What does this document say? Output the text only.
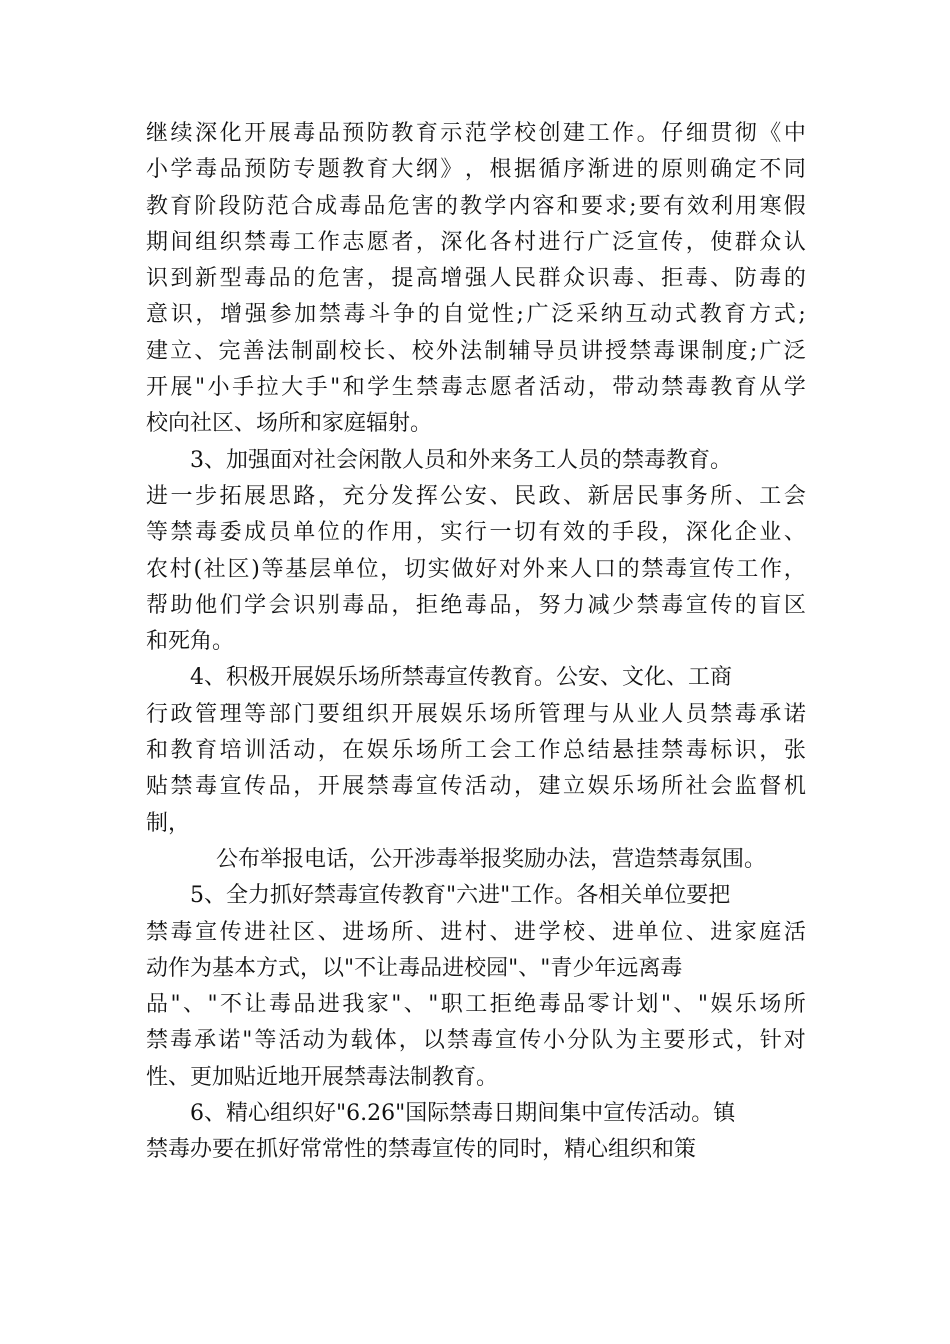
继 续 深 化 开 展 毒 品 预 防 教 育 示 范 学 校 创 建 工 作 。 仔 细 贯 彻 《 中
小 学 毒 品 预 防 专 题 教 育 大 纲 》 ， 根 据 循 序 渐 进 的 原 则 确 定 不 同
教 育 阶 段 防 范 合 成 毒 品 危 害 的 教 学 内 容 和 要 求 ; 要 有 效 利 用 寒 假
期 间 组 织 禁 毒 工 作 志 愿 者 ， 深 化 各 村 进 行 广 泛 宣 传 ， 使 群 众 认
识 到 新 型 毒 品 的 危 害 ， 提 高 增 强 人 民 群 众 识 毒 、 拒 毒 、 防 毒 的
意 识 ， 增 强 参 加 禁 毒 斗 争 的 自 觉 性 ; 广 泛 采 纳 互 动 式 教 育 方 式 ;
建 立 、 完 善 法 制 副 校 长 、 校 外 法 制 辅 导 员 讲 授 禁 毒 课 制 度 ; 广 泛
开 展 " 小 手 拉 大 手 " 和 学 生 禁 毒 志 愿 者 活 动 ， 带 动 禁 毒 教 育 从 学
校向社区、场所和家庭辐射。
3、加强面对社会闲散人员和外来务工人员的禁毒教育。
进 一 步 拓 展 思 路 ， 充 分 发 挥 公 安 、 民 政 、 新 居 民 事 务 所 、 工 会
等 禁 毒 委 成 员 单 位 的 作 用 ， 实 行 一 切 有 效 的 手 段 ， 深 化 企 业 、
农 村 ( 社 区 ) 等 基 层 单 位 ， 切 实 做 好 对 外 来 人 口 的 禁 毒 宣 传 工 作 ，
帮 助 他 们 学 会 识 别 毒 品 ， 拒 绝 毒 品 ， 努 力 减 少 禁 毒 宣 传 的 盲 区
和死角。
4、积极开展娱乐场所禁毒宣传教育。公安、文化、工商
行 政 管 理 等 部 门 要 组 织 开 展 娱 乐 场 所 管 理 与 从 业 人 员 禁 毒 承 诺
和 教 育 培 训 活 动 ， 在 娱 乐 场 所 工 会 工 作 总 结 悬 挂 禁 毒 标 识 ， 张
贴 禁 毒 宣 传 品 ， 开 展 禁 毒 宣 传 活 动 ， 建 立 娱 乐 场 所 社 会 监 督 机
制，
公布举报电话，公开涉毒举报奖励办法，营造禁毒氛围。
5、全力抓好禁毒宣传教育"六进"工作。各相关单位要把
禁 毒 宣 传 进 社 区 、 进 场 所 、 进 村 、 进 学 校 、 进 单 位 、 进 家 庭 活
动作为基本方式，以"不让毒品进校园"、"青少年远离毒
品 " 、 " 不 让 毒 品 进 我 家 " 、 " 职 工 拒 绝 毒 品 零 计 划 " 、 " 娱 乐 场 所
禁 毒 承 诺 " 等 活 动 为 载 体 ， 以 禁 毒 宣 传 小 分 队 为 主 要 形 式 ， 针 对
性、更加贴近地开展禁毒法制教育。
6、精心组织好"6.26"国际禁毒日期间集中宣传活动。镇
禁毒办要在抓好常常性的禁毒宣传的同时，精心组织和策
